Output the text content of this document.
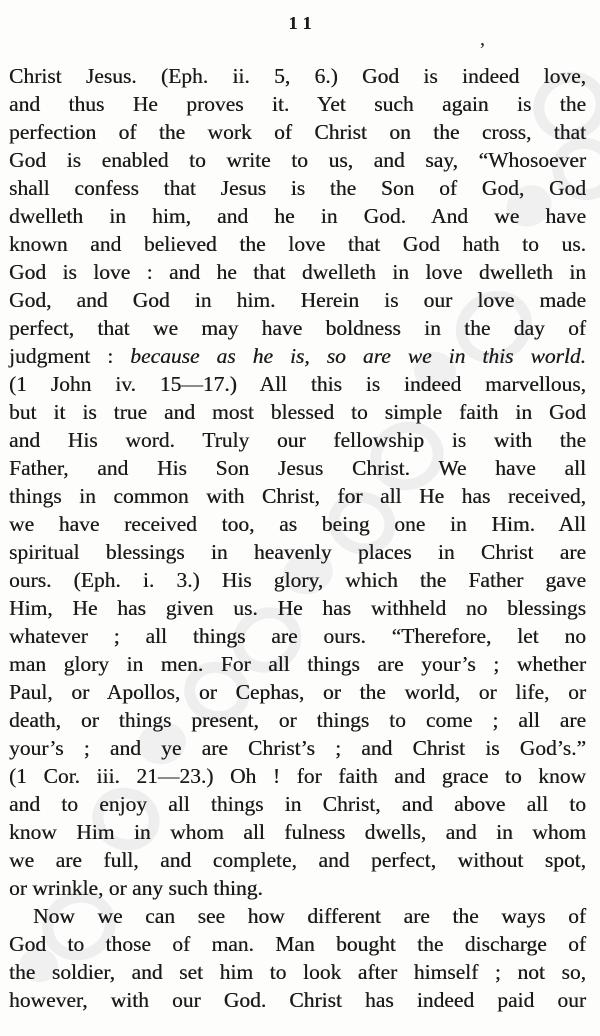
11
’
Christ Jesus. (Eph. ii. 5, 6.) God is indeed love,
and thus He proves it. Yet such again is the
perfection of the work of Christ on the cross, that
God is enabled to write to us, and say, “Whosoever
shall confess that Jesus is the Son of God, God
dwelleth in him, and he in God. And we have
known and believed the love that God hath to us.
God is love : and he that dwelleth in love dwelleth in
God, and God in him. Herein is our love made
perfect, that we may have boldness in the day of
judgment : because as he is, so are we in this world.
(1 John iv. 15—17.) All this is indeed marvellous,
but it is true and most blessed to simple faith in God
and His word. Truly our fellowship is with the
Father, and His Son Jesus Christ. We have all
things in common with Christ, for all He has received,
we have received too, as being one in Him. All
spiritual blessings in heavenly places in Christ are
ours. (Eph. i. 3.) His glory, which the Father gave
Him, He has given us. He has withheld no blessings
whatever ; all things are ours. “Therefore, let no
man glory in men. For all things are your’s ; whether
Paul, or Apollos, or Cephas, or the world, or life, or
death, or things present, or things to come ; all are
your’s ; and ye are Christ’s ; and Christ is God’s.”
(1 Cor. iii. 21—23.) Oh ! for faith and grace to know
and to enjoy all things in Christ, and above all to
know Him in whom all fulness dwells, and in whom
we are full, and complete, and perfect, without spot,
or wrinkle, or any such thing.
Now we can see how different are the ways of
God to those of man. Man bought the discharge of
the soldier, and set him to look after himself ; not so,
however, with our God. Christ has indeed paid our
